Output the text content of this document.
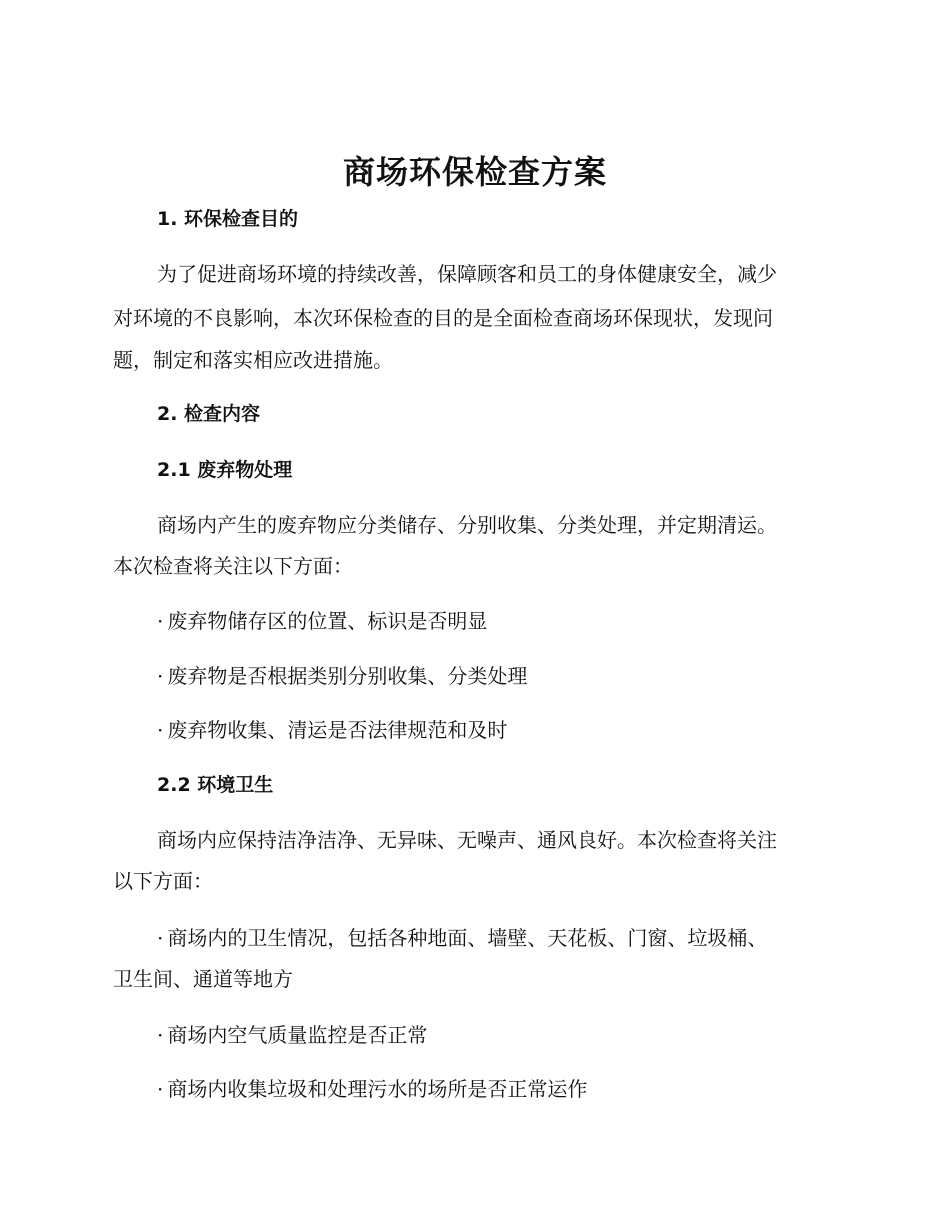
商场环保检查方案
1. 环保检查目的
为了促进商场环境的持续改善，保障顾客和员工的身体健康安全，减少
对环境的不良影响，本次环保检查的目的是全面检查商场环保现状，发现问
题，制定和落实相应改进措施。
2. 检查内容
2.1 废弃物处理
商场内产生的废弃物应分类储存、分别收集、分类处理，并定期清运。
本次检查将关注以下方面：
· 废弃物储存区的位置、标识是否明显
· 废弃物是否根据类别分别收集、分类处理
· 废弃物收集、清运是否法律规范和及时
2.2 环境卫生
商场内应保持洁净洁净、无异味、无噪声、通风良好。本次检查将关注
以下方面：
· 商场内的卫生情况，包括各种地面、墙壁、天花板、门窗、垃圾桶、
卫生间、通道等地方
· 商场内空气质量监控是否正常
· 商场内收集垃圾和处理污水的场所是否正常运作
